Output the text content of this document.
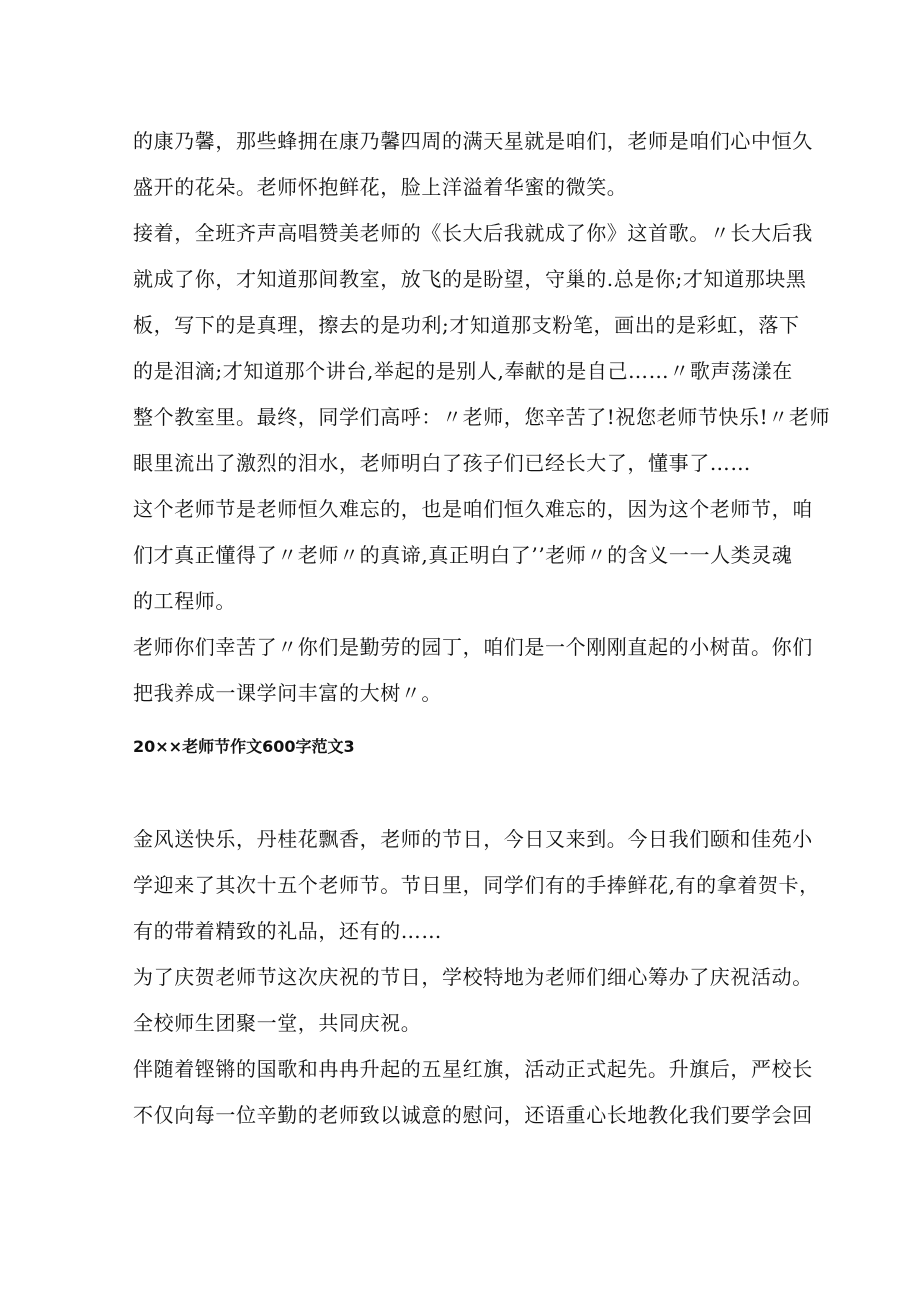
的康乃馨，那些蜂拥在康乃馨四周的满天星就是咱们，老师是咱们心中恒久
盛开的花朵。老师怀抱鲜花，脸上洋溢着华蜜的微笑。
接着，全班齐声高唱赞美老师的《长大后我就成了你》这首歌。〃长大后我
就成了你，才知道那间教室，放飞的是盼望，守巢的.总是你;才知道那块黑
板，写下的是真理，擦去的是功利;才知道那支粉笔，画出的是彩虹，落下
的是泪滴;才知道那个讲台,举起的是别人,奉献的是自己……〃歌声荡漾在
整个教室里。最终，同学们高呼：〃老师，您辛苦了!祝您老师节快乐!〃老师
眼里流出了激烈的泪水，老师明白了孩子们已经长大了，懂事了……
这个老师节是老师恒久难忘的，也是咱们恒久难忘的，因为这个老师节，咱
们才真正懂得了〃老师〃的真谛,真正明白了’’老师〃的含义一一人类灵魂
的工程师。
老师你们幸苦了〃你们是勤劳的园丁，咱们是一个刚刚直起的小树苗。你们
把我养成一课学问丰富的大树〃。
20××老师节作文600字范文3
金风送快乐，丹桂花飘香，老师的节日，今日又来到。今日我们颐和佳苑小
学迎来了其次十五个老师节。节日里，同学们有的手捧鲜花,有的拿着贺卡，
有的带着精致的礼品，还有的……
为了庆贺老师节这次庆祝的节日，学校特地为老师们细心筹办了庆祝活动。
全校师生团聚一堂，共同庆祝。
伴随着铿锵的国歌和冉冉升起的五星红旗，活动正式起先。升旗后，严校长
不仅向每一位辛勤的老师致以诚意的慰问，还语重心长地教化我们要学会回
